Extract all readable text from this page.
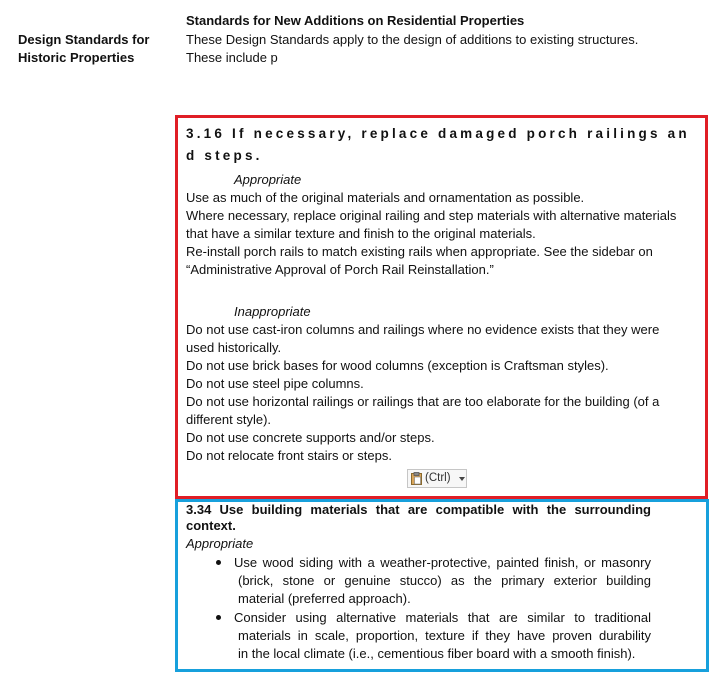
Standards for New Additions on Residential Properties
Design Standards for
Historic Properties
These Design Standards apply to the design of additions to existing structures.
These include p
3.16 If necessary, replace damaged porch railings an
d steps.
Appropriate
Use as much of the original materials and ornamentation as possible.
Where necessary, replace original railing and step materials with alternative materials
that have a similar texture and finish to the original materials.
Re-install porch rails to match existing rails when appropriate. See the sidebar on
“Administrative Approval of Porch Rail Reinstallation.”
Inappropriate
Do not use cast-iron columns and railings where no evidence exists that they were
used historically.
Do not use brick bases for wood columns (exception is Craftsman styles).
Do not use steel pipe columns.
Do not use horizontal railings or railings that are too elaborate for the building (of a
different style).
Do not use concrete supports and/or steps.
Do not relocate front stairs or steps.
(Ctrl)
3.34 Use building materials that are compatible with the surrounding
context.
Appropriate
Use wood siding with a weather-protective, painted finish, or masonry
(brick, stone or genuine stucco) as the primary exterior building
material (preferred approach).
Consider using alternative materials that are similar to traditional
materials in scale, proportion, texture if they have proven durability
in the local climate (i.e., cementious fiber board with a smooth finish).
